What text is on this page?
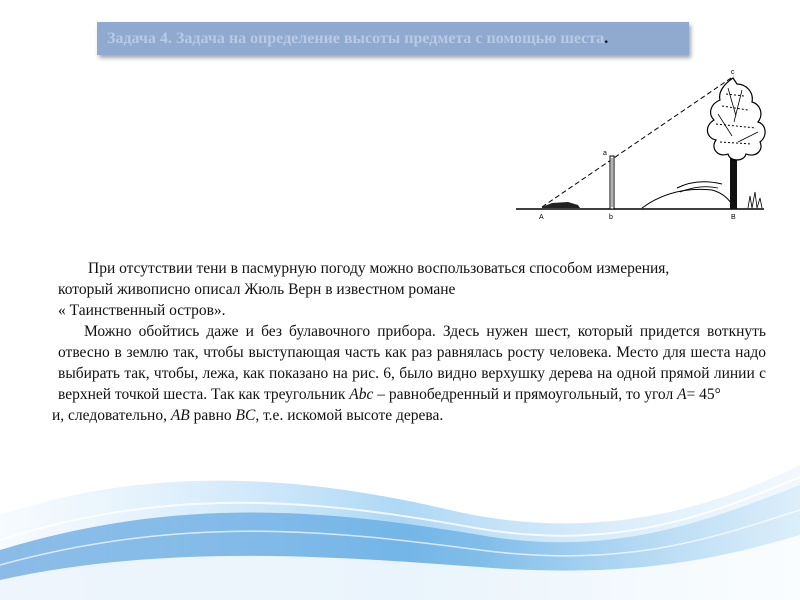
Задача 4. Задача на определение высоты предмета с помощью шеста.
c
a
A	b	B

При отсутствии тени в пасмурную погоду можно воспользоваться способом измерения,

который живописно описал Жюль Верн в известном романе

« Таинственный остров».

Можно обойтись даже и без булавочного прибора. Здесь нужен шест, который придется воткнуть отвесно в землю так, чтобы выступающая часть как раз равнялась росту человека. Место для шеста надо выбирать так, чтобы, лежа, как показано на рис. 6, было видно верхушку дерева на одной прямой линии с верхней точкой шеста. Так как треугольник Abc – равнобедренный и прямоугольный, то угол A= 45°

и, следовательно, AB равно BC, т.е. искомой высоте дерева.
